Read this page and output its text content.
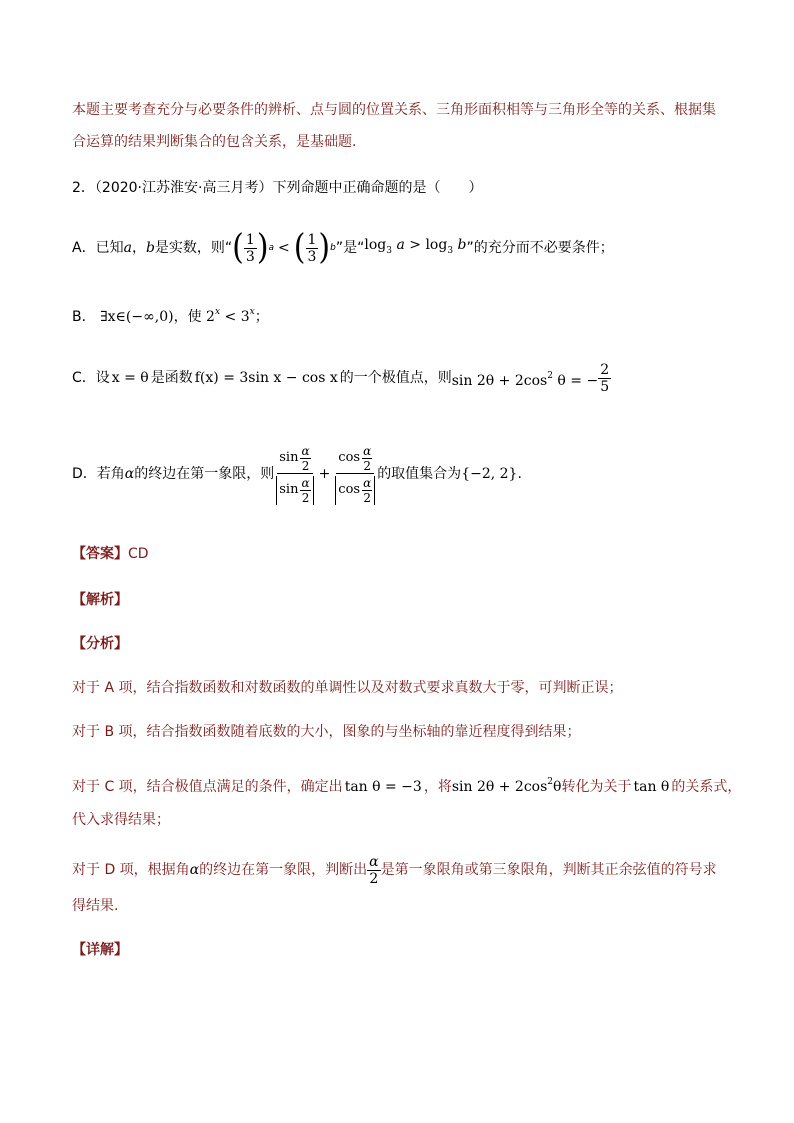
本题主要考查充分与必要条件的辨析、点与圆的位置关系、三角形面积相等与三角形全等的关系、根据集
合运算的结果判断集合的包含关系，是基础题.
2．（2020·江苏淮安·高三月考）下列命题中正确命题的是（　　）
A． 已知 a ， b 是实数，则“ ( $\frac{1}{3}$ ) a < ( $\frac{1}{3}$ ) b ”是“ $\log_3 a > \log_3 b$ ”的充分而不必要条件；
B． ∃x∈(−∞,0)，使 $2^x < 3^x$；
C． 设 x = θ 是函数 f(x) = 3sin x − cos x 的一个极值点，则 $\sin 2\theta + 2\cos^2$ θ = − $\frac{2}{5}$
D． 若角 α 的终边在第一象限，则
sin α
2
sin α
2
+ cos α
2
cos α
2 的取值集合为 {−2, 2} .
【答案】CD
【解析】
【分析】
对于 A 项，结合指数函数和对数函数的单调性以及对数式要求真数大于零，可判断正误；
对于 B 项，结合指数函数随着底数的大小，图象的与坐标轴的靠近程度得到结果；
对于 C 项，结合极值点满足的条件，确定出 tan θ = −3 ，将$\sin 2\theta + 2\cos^2\theta$转化为关于 tan θ 的关系式，
代入求得结果；
对于 D 项，根据角 α 的终边在第一象限，判断出 $\frac{\alpha}{2}$ 是第一象限角或第三象限角，判断其正余弦值的符号求
得结果.
【详解】
